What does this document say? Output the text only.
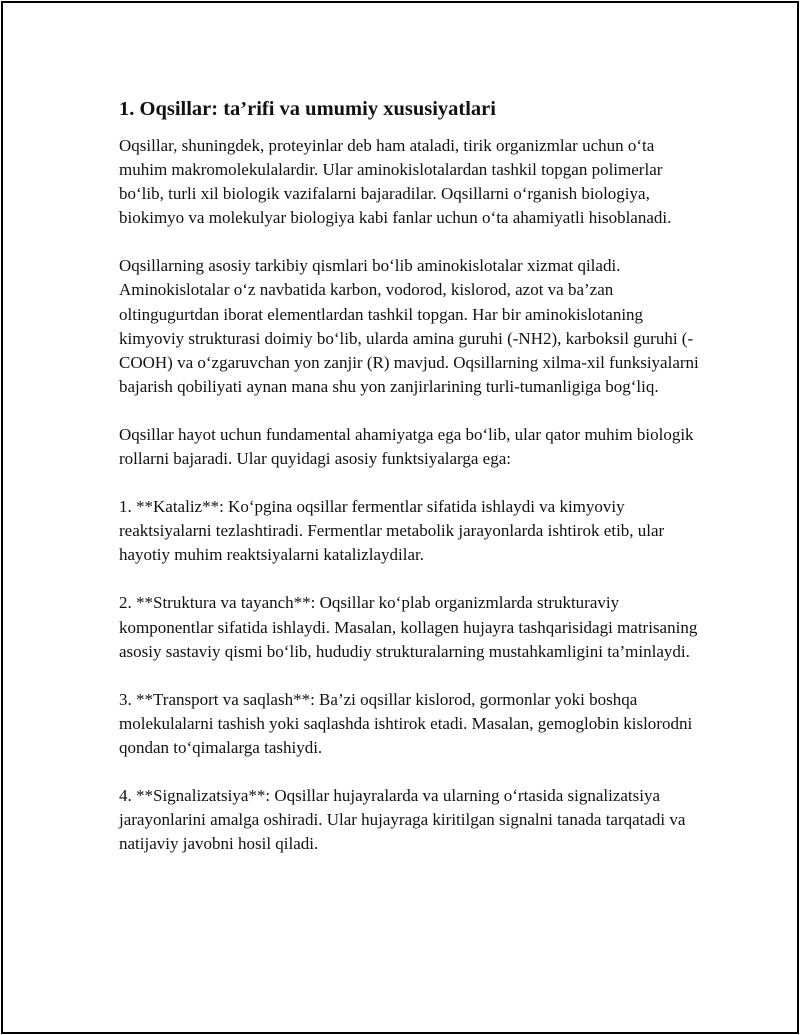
1. Oqsillar: ta’rifi va umumiy xususiyatlari

Oqsillar, shuningdek, proteyinlar deb ham ataladi, tirik organizmlar uchun o‘ta muhim makromolekulalardir. Ular aminokislotalardan tashkil topgan polimerlar bo‘lib, turli xil biologik vazifalarni bajaradilar. Oqsillarni o‘rganish biologiya, biokimyo va molekulyar biologiya kabi fanlar uchun o‘ta ahamiyatli hisoblanadi.

Oqsillarning asosiy tarkibiy qismlari bo‘lib aminokislotalar xizmat qiladi. Aminokislotalar o‘z navbatida karbon, vodorod, kislorod, azot va ba’zan oltingugurtdan iborat elementlardan tashkil topgan. Har bir aminokislotaning kimyoviy strukturasi doimiy bo‘lib, ularda amina guruhi (-NH2), karboksil guruhi (-COOH) va o‘zgaruvchan yon zanjir (R) mavjud. Oqsillarning xilma-xil funksiyalarni bajarish qobiliyati aynan mana shu yon zanjirlarining turli-tumanligiga bog‘liq.

Oqsillar hayot uchun fundamental ahamiyatga ega bo‘lib, ular qator muhim biologik rollarni bajaradi. Ular quyidagi asosiy funktsiyalarga ega:

1. **Kataliz**: Ko‘pgina oqsillar fermentlar sifatida ishlaydi va kimyoviy reaktsiyalarni tezlashtiradi. Fermentlar metabolik jarayonlarda ishtirok etib, ular hayotiy muhim reaktsiyalarni katalizlaydilar.

2. **Struktura va tayanch**: Oqsillar ko‘plab organizmlarda strukturaviy komponentlar sifatida ishlaydi. Masalan, kollagen hujayra tashqarisidagi matrisaning asosiy sastaviy qismi bo‘lib, hududiy strukturalarning mustahkamligini ta’minlaydi.

3. **Transport va saqlash**: Ba’zi oqsillar kislorod, gormonlar yoki boshqa molekulalarni tashish yoki saqlashda ishtirok etadi. Masalan, gemoglobin kislorodni qondan to‘qimalarga tashiydi.

4. **Signalizatsiya**: Oqsillar hujayralarda va ularning o‘rtasida signalizatsiya jarayonlarini amalga oshiradi. Ular hujayraga kiritilgan signalni tanada tarqatadi va natijaviy javobni hosil qiladi.
